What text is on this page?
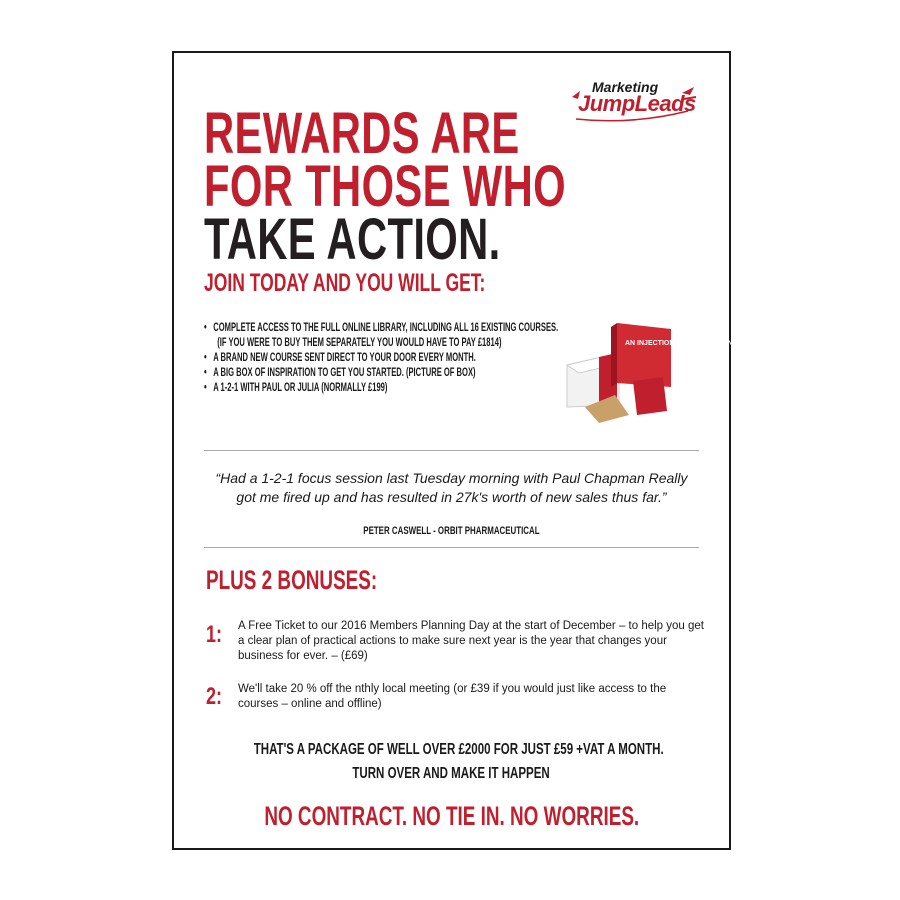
Marketing
JumpLeads
REWARDS ARE
FOR THOSE WHO
TAKE ACTION.
JOIN TODAY AND YOU WILL GET:
• COMPLETE ACCESS TO THE FULL ONLINE LIBRARY, INCLUDING ALL 16 EXISTING COURSES.
(IF YOU WERE TO BUY THEM SEPARATELY YOU WOULD HAVE TO PAY £1814)
• A BRAND NEW COURSE SENT DIRECT TO YOUR DOOR EVERY MONTH.
• A BIG BOX OF INSPIRATION TO GET YOU STARTED. (PICTURE OF BOX)
• A 1-2-1 WITH PAUL OR JULIA (NORMALLY £199)
AN INJECTION OF INSPIRATION
“Had a 1-2-1 focus session last Tuesday morning with Paul Chapman Really got me fired up and has resulted in 27k's worth of new sales thus far.”
PETER CASWELL - ORBIT PHARMACEUTICAL
PLUS 2 BONUSES:
1: A Free Ticket to our 2016 Members Planning Day at the start of December – to help you get a clear plan of practical actions to make sure next year is the year that changes your business for ever. – (£69)
2: We'll take 20 % off the nthly local meeting (or £39 if you would just like access to the courses – online and offline)
THAT'S A PACKAGE OF WELL OVER £2000 FOR JUST £59 +VAT A MONTH.
TURN OVER AND MAKE IT HAPPEN
NO CONTRACT. NO TIE IN. NO WORRIES.
